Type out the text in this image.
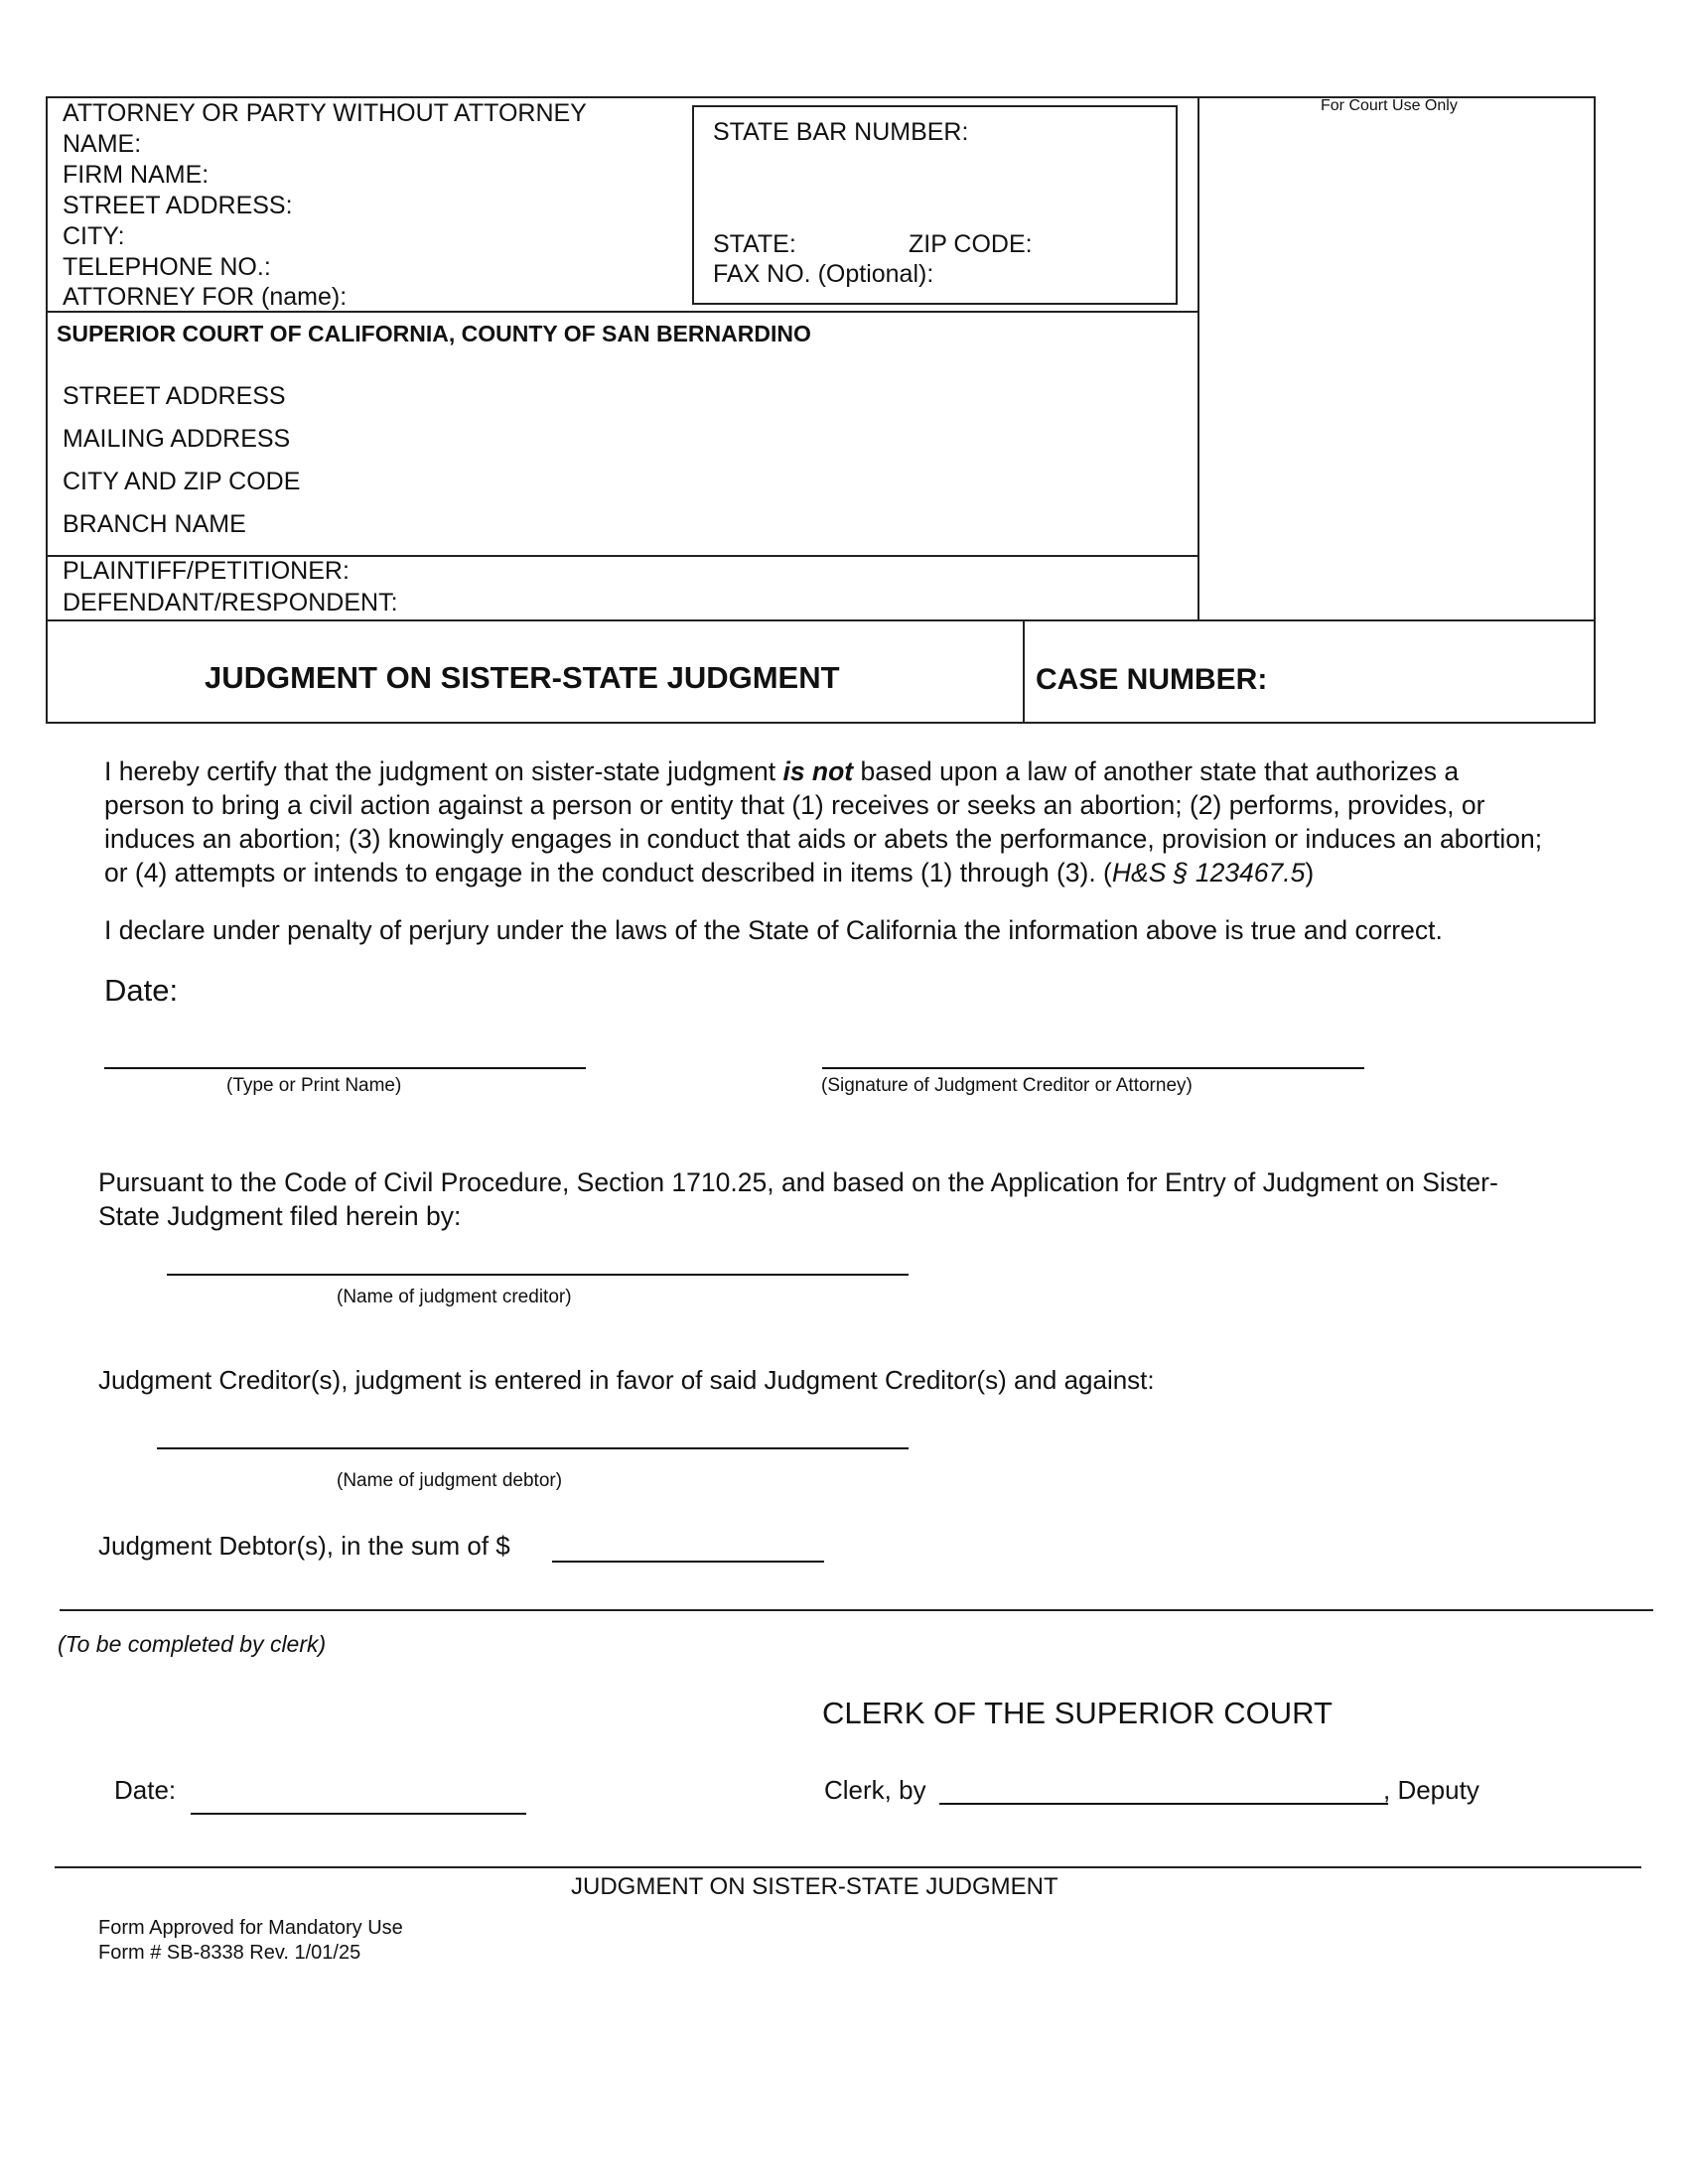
ATTORNEY OR PARTY WITHOUT ATTORNEY
NAME:
FIRM NAME:
STREET ADDRESS:
CITY:
TELEPHONE NO.:
ATTORNEY FOR (name):
STATE BAR NUMBER:
STATE:	ZIP CODE:
FAX NO. (Optional):
For Court Use Only
SUPERIOR COURT OF CALIFORNIA, COUNTY OF SAN BERNARDINO
STREET ADDRESS
MAILING ADDRESS
CITY AND ZIP CODE
BRANCH NAME
PLAINTIFF/PETITIONER:
DEFENDANT/RESPONDENT:
JUDGMENT ON SISTER-STATE JUDGMENT	CASE NUMBER:

I hereby certify that the judgment on sister-state judgment is not based upon a law of another state that authorizes a

person to bring a civil action against a person or entity that (1) receives or seeks an abortion; (2) performs, provides, or

induces an abortion; (3) knowingly engages in conduct that aids or abets the performance, provision or induces an abortion;

or (4) attempts or intends to engage in the conduct described in items (1) through (3). (H&S § 123467.5)

I declare under penalty of perjury under the laws of the State of California the information above is true and correct.
Date:
(Type or Print Name)	(Signature of Judgment Creditor or Attorney)

Pursuant to the Code of Civil Procedure, Section 1710.25, and based on the Application for Entry of Judgment on Sister-

State Judgment filed herein by:

(Name of judgment creditor)
Judgment Creditor(s), judgment is entered in favor of said Judgment Creditor(s) and against:
(Name of judgment debtor)
Judgment Debtor(s), in the sum of $
(To be completed by clerk)
CLERK OF THE SUPERIOR COURT
Date:	Clerk, by	, Deputy
JUDGMENT ON SISTER-STATE JUDGMENT
Form Approved for Mandatory Use
Form # SB-8338 Rev. 1/01/25
